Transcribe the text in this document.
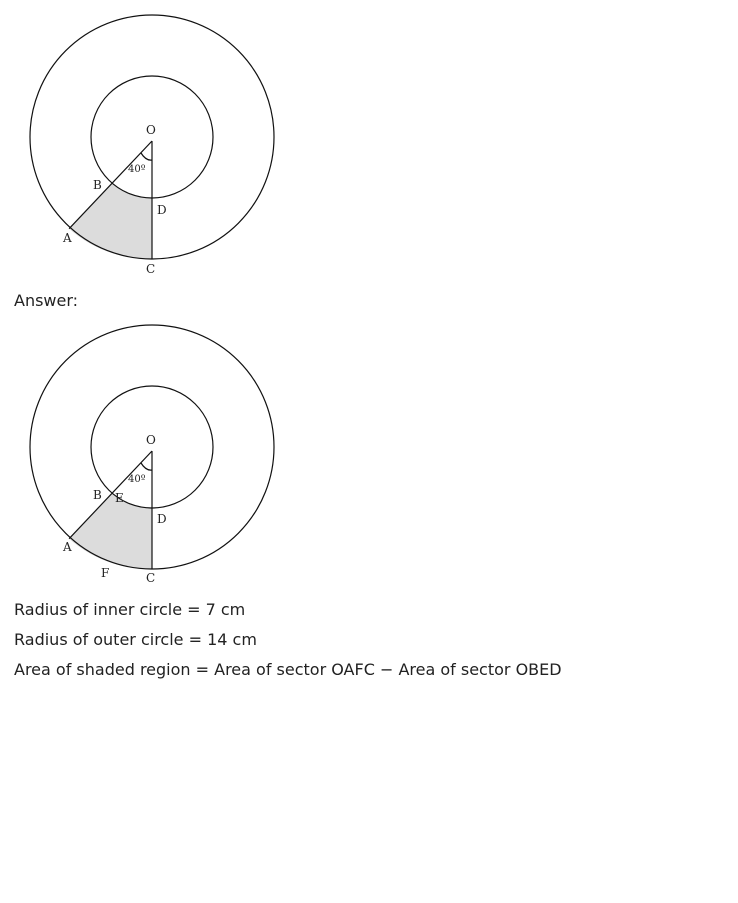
O
40º
B
D
A
C
Answer:
O
40º
B E
D
A
F	C
Radius of inner circle = 7 cm
Radius of outer circle = 14 cm
Area of shaded region = Area of sector OAFC − Area of sector OBED
